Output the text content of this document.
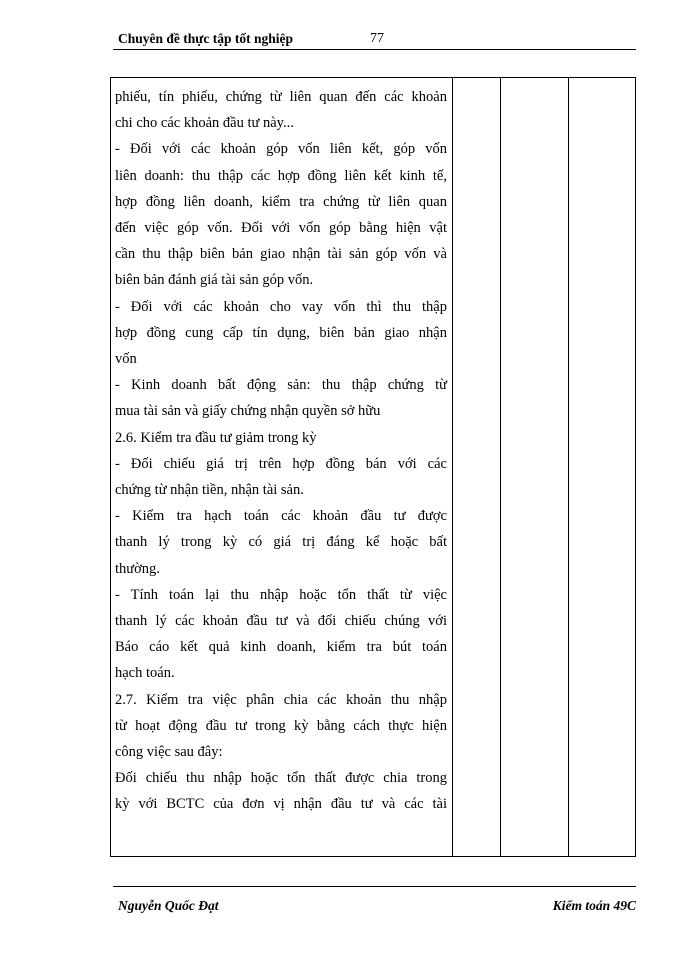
Chuyên đề thực tập tốt nghiệp	77
phiếu, tín phiếu, chứng từ liên quan đến các khoản
chi cho các khoản đầu tư này...
- Đối với các khoản góp vốn liên kết, góp vốn
liên doanh: thu thập các hợp đồng liên kết kinh tế,
hợp đồng liên doanh, kiểm tra chứng từ liên quan
đến việc góp vốn. Đối với vốn góp bằng hiện vật
cần thu thập biên bản giao nhận tài sản góp vốn và
biên bản đánh giá tài sản góp vốn.
- Đối với các khoản cho vay vốn thì thu thập
hợp đồng cung cấp tín dụng, biên bản giao nhận
vốn
- Kinh doanh bất động sản: thu thập chứng từ
mua tài sản và giấy chứng nhận quyền sở hữu
2.6. Kiểm tra đầu tư giảm trong kỳ
- Đối chiếu giá trị trên hợp đồng bán với các
chứng từ nhận tiền, nhận tài sản.
- Kiểm tra hạch toán các khoản đầu tư được
thanh lý trong kỳ có giá trị đáng kể hoặc bất
thường.
- Tính toán lại thu nhập hoặc tổn thất từ việc
thanh lý các khoản đầu tư và đối chiếu chúng với
Báo cáo kết quả kinh doanh, kiểm tra bút toán
hạch toán.
2.7. Kiểm tra việc phân chia các khoản thu nhập
từ hoạt động đầu tư trong kỳ bằng cách thực hiện
công việc sau đây:
Đối chiếu thu nhập hoặc tổn thất được chia trong
kỳ với BCTC của đơn vị nhận đầu tư và các tài
Nguyễn Quốc Đạt	Kiểm toán 49C
